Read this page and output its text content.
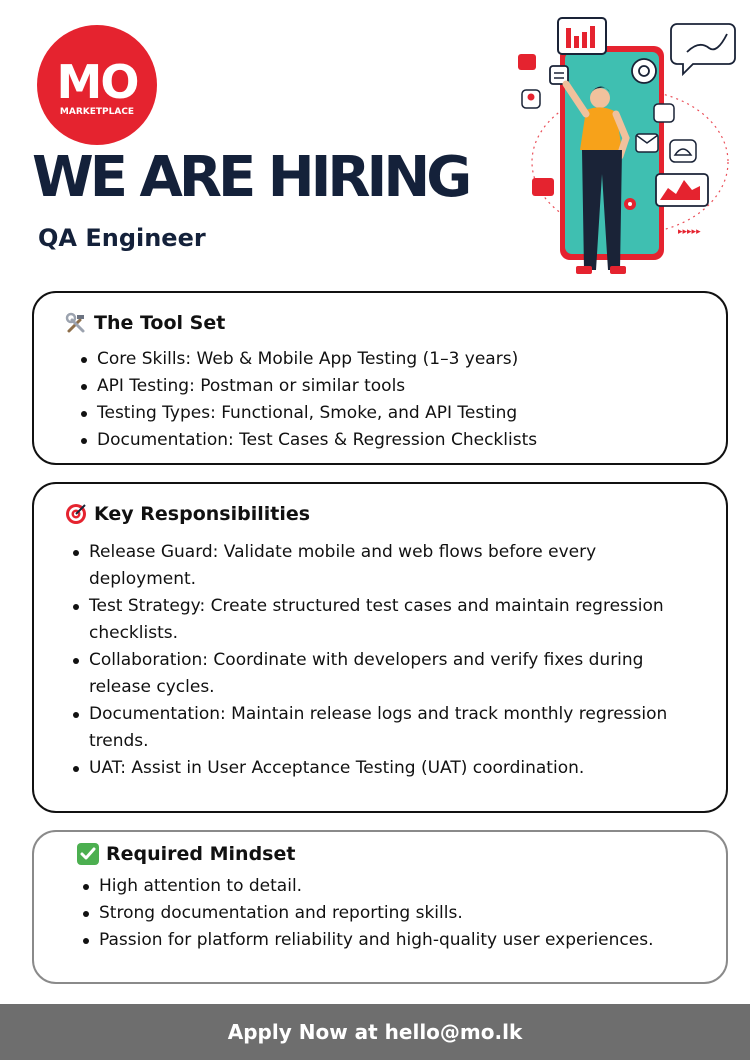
MO
MARKETPLACE
WE ARE HIRING
QA Engineer	▸▸▸▸▸
The Tool Set
Core Skills: Web & Mobile App Testing (1–3 years)
API Testing: Postman or similar tools
Testing Types: Functional, Smoke, and API Testing
Documentation: Test Cases & Regression Checklists
Key Responsibilities
Release Guard: Validate mobile and web flows before every deployment.
Test Strategy: Create structured test cases and maintain regression checklists.
Collaboration: Coordinate with developers and verify fixes during release cycles.
Documentation: Maintain release logs and track monthly regression trends.
UAT: Assist in User Acceptance Testing (UAT) coordination.
Required Mindset
High attention to detail.
Strong documentation and reporting skills.
Passion for platform reliability and high-quality user experiences.
Apply Now at hello@mo.lk
